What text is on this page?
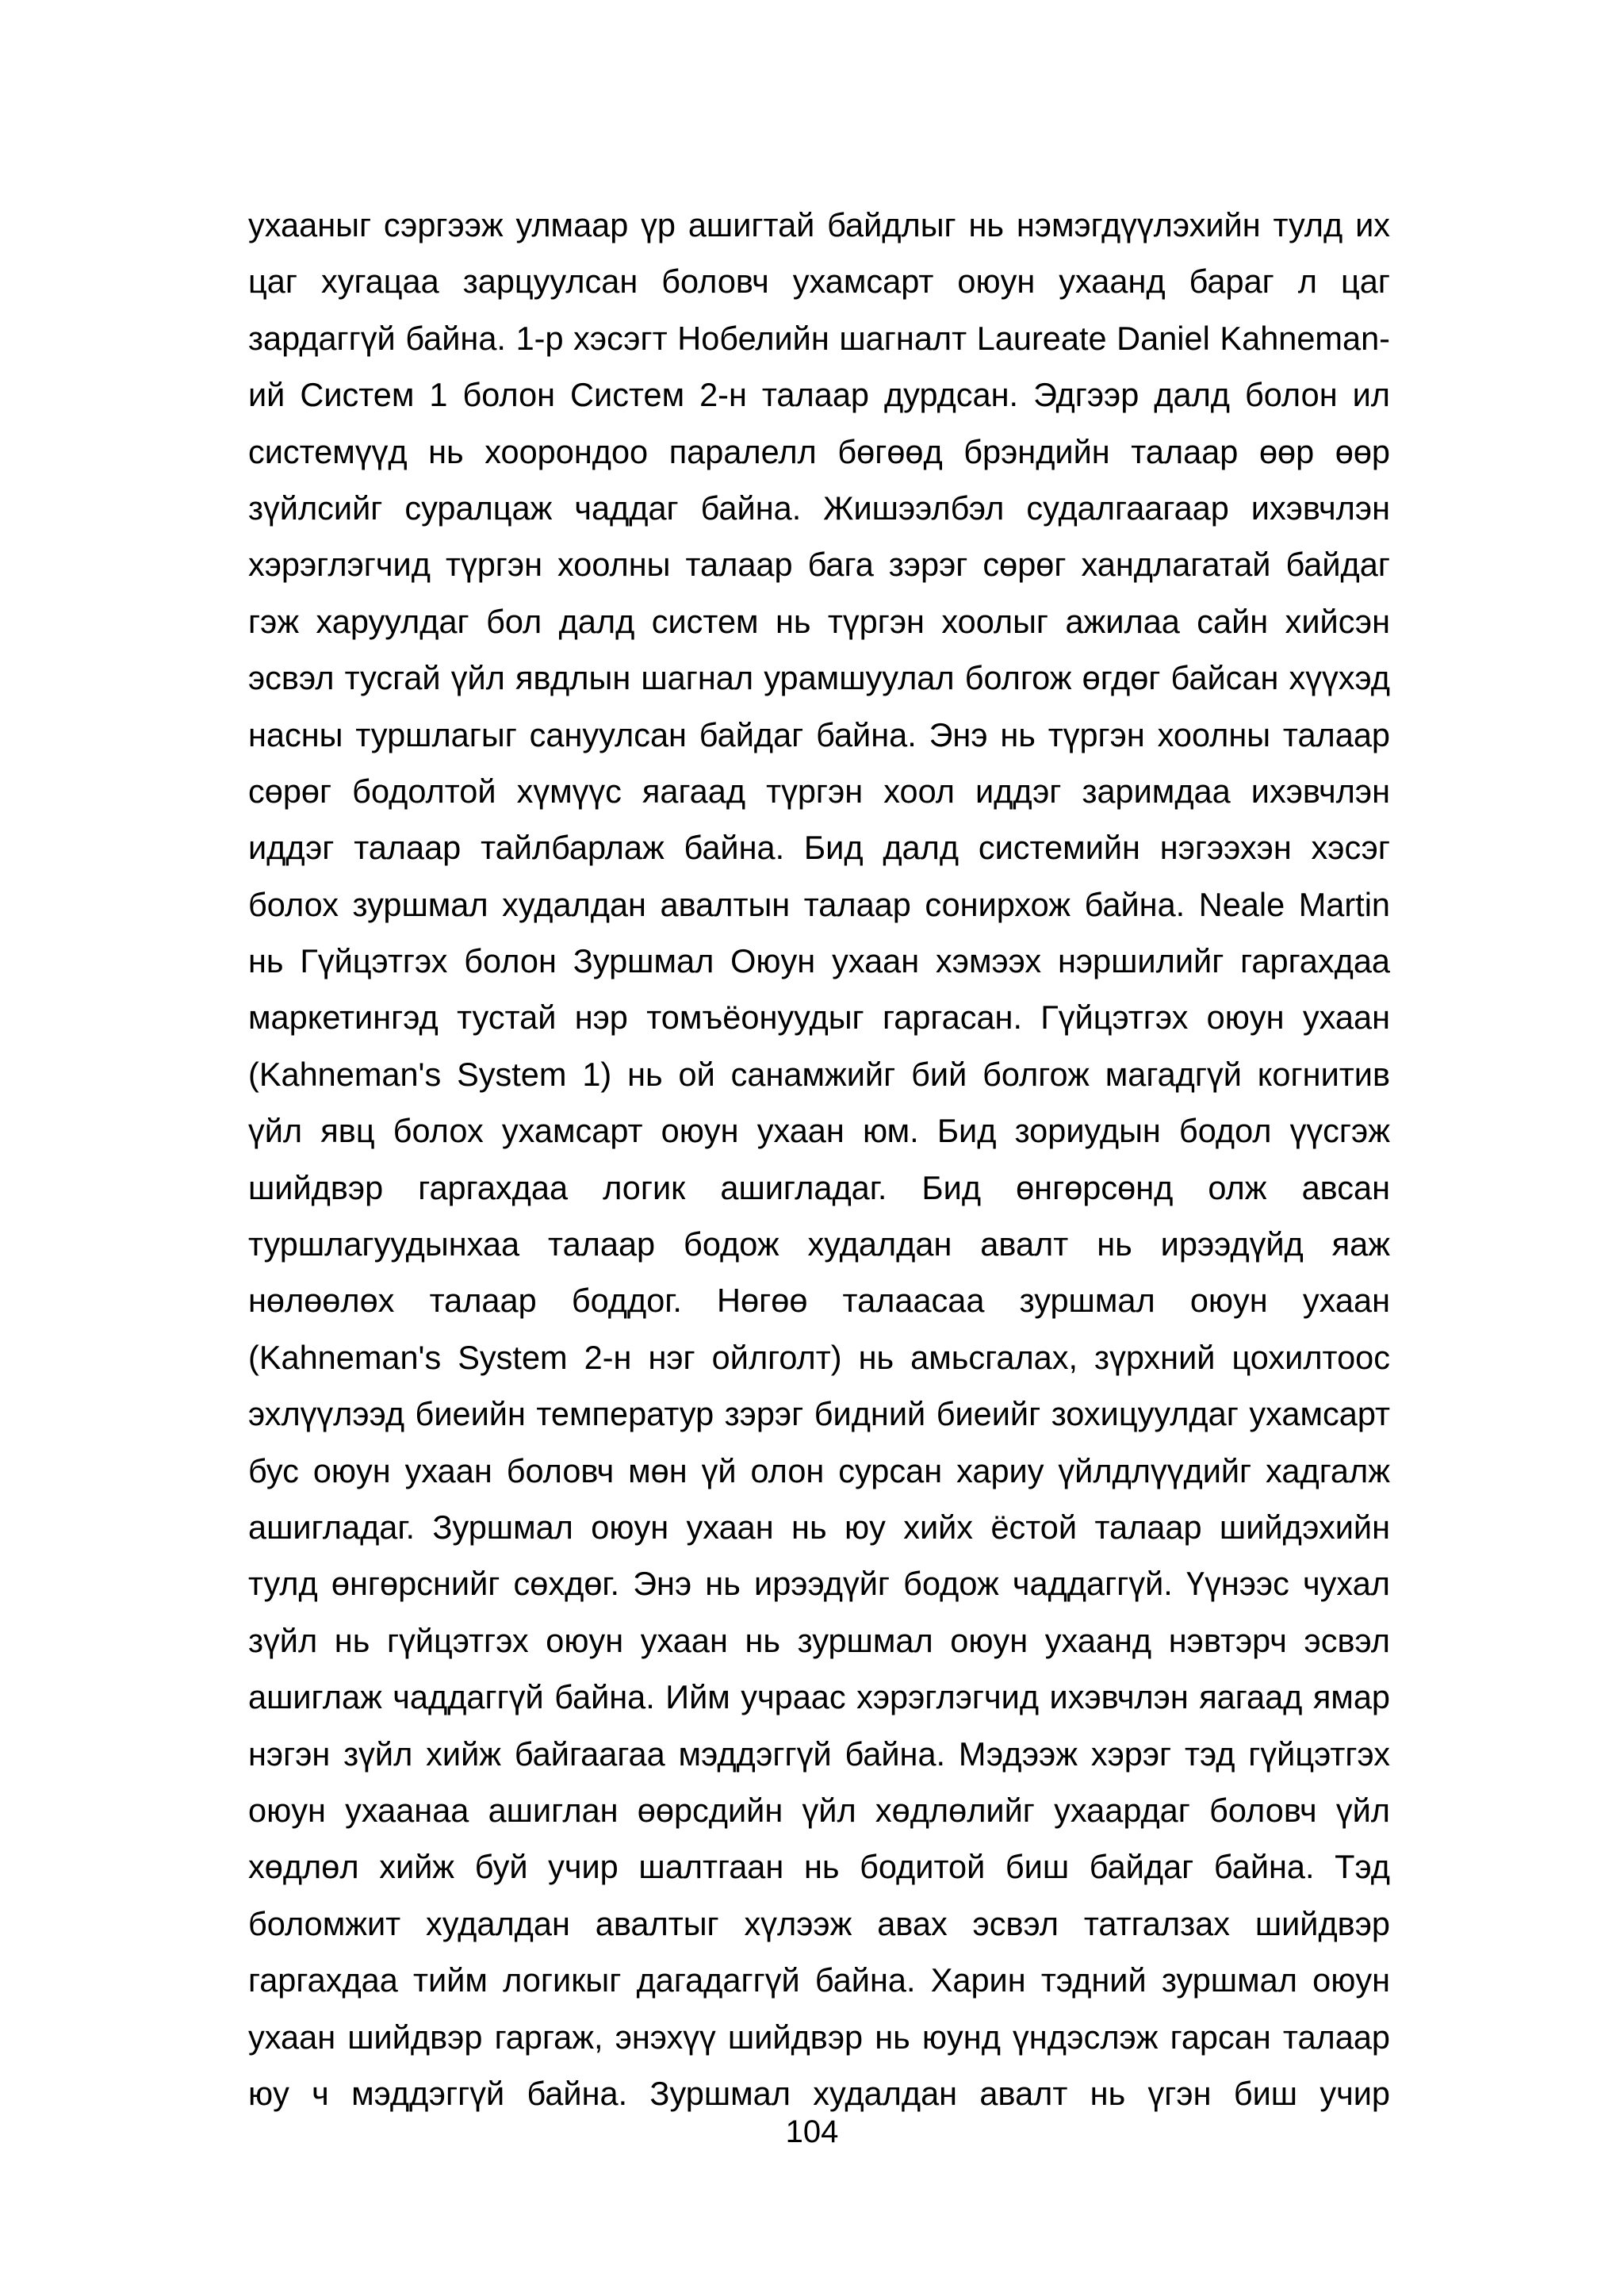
ухааныг сэргээж улмаар үр ашигтай байдлыг нь нэмэгдүүлэхийн тулд их
цаг хугацаа зарцуулсан боловч ухамсарт оюун ухаанд бараг л цаг
зардаггүй байна. 1-р хэсэгт Нобелийн шагналт Laureate Daniel Kahneman-
ий Систем 1 болон Систем 2-н талаар дурдсан. Эдгээр далд болон ил
системүүд нь хоорондоо паралелл бөгөөд брэндийн талаар өөр өөр
зүйлсийг суралцаж чаддаг байна. Жишээлбэл судалгаагаар ихэвчлэн
хэрэглэгчид түргэн хоолны талаар бага зэрэг сөрөг хандлагатай байдаг
гэж харуулдаг бол далд систем нь түргэн хоолыг ажилаа сайн хийсэн
эсвэл тусгай үйл явдлын шагнал урамшуулал болгож өгдөг байсан хүүхэд
насны туршлагыг сануулсан байдаг байна. Энэ нь түргэн хоолны талаар
сөрөг бодолтой хүмүүс яагаад түргэн хоол иддэг заримдаа ихэвчлэн
иддэг талаар тайлбарлаж байна. Бид далд системийн нэгээхэн хэсэг
болох зуршмал худалдан авалтын талаар сонирхож байна. Neale Martin
нь Гүйцэтгэх болон Зуршмал Оюун ухаан хэмээх нэршилийг гаргахдаа
маркетингэд тустай нэр томъёонуудыг гаргасан. Гүйцэтгэх оюун ухаан
(Kahneman's System 1) нь ой санамжийг бий болгож магадгүй когнитив
үйл явц болох ухамсарт оюун ухаан юм. Бид зориудын бодол үүсгэж
шийдвэр гаргахдаа логик ашигладаг. Бид өнгөрсөнд олж авсан
туршлагуудынхаа талаар бодож худалдан авалт нь ирээдүйд яаж
нөлөөлөх талаар боддог. Нөгөө талаасаа зуршмал оюун ухаан
(Kahneman's System 2-н нэг ойлголт) нь амьсгалах, зүрхний цохилтоос
эхлүүлээд биеийн температур зэрэг бидний биеийг зохицуулдаг ухамсарт
бус оюун ухаан боловч мөн үй олон сурсан хариу үйлдлүүдийг хадгалж
ашигладаг. Зуршмал оюун ухаан нь юу хийх ёстой талаар шийдэхийн
тулд өнгөрснийг сөхдөг. Энэ нь ирээдүйг бодож чаддаггүй. Үүнээс чухал
зүйл нь гүйцэтгэх оюун ухаан нь зуршмал оюун ухаанд нэвтэрч эсвэл
ашиглаж чаддаггүй байна. Ийм учраас хэрэглэгчид ихэвчлэн яагаад ямар
нэгэн зүйл хийж байгаагаа мэддэггүй байна. Мэдээж хэрэг тэд гүйцэтгэх
оюун ухаанаа ашиглан өөрсдийн үйл хөдлөлийг ухаардаг боловч үйл
хөдлөл хийж буй учир шалтгаан нь бодитой биш байдаг байна. Тэд
боломжит худалдан авалтыг хүлээж авах эсвэл татгалзах шийдвэр
гаргахдаа тийм логикыг дагадаггүй байна. Харин тэдний зуршмал оюун
ухаан шийдвэр гаргаж, энэхүү шийдвэр нь юунд үндэслэж гарсан талаар
юу ч мэддэггүй байна. Зуршмал худалдан авалт нь үгэн биш учир
104
